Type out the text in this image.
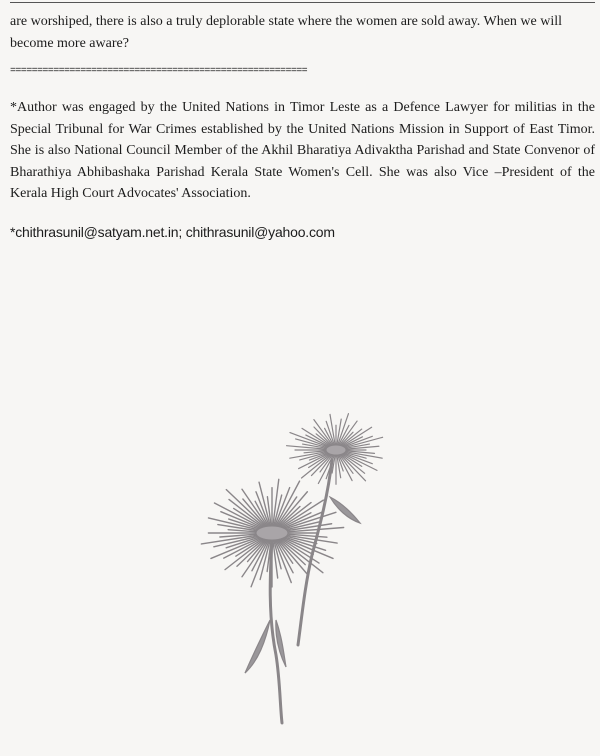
are worshiped, there is also a truly deplorable state where the women are sold away. When we will become more aware?

=======================================================

*Author was engaged by the United Nations in Timor Leste as a Defence Lawyer for militias in the Special Tribunal for War Crimes established by the United Nations Mission in Support of East Timor. She is also National Council Member of the Akhil Bharatiya Adivaktha Parishad and State Convenor of Bharathiya Abhibashaka Parishad Kerala State Women's Cell. She was also Vice –President of the Kerala High Court Advocates' Association.

*chithrasunil@satyam.net.in; chithrasunil@yahoo.com
